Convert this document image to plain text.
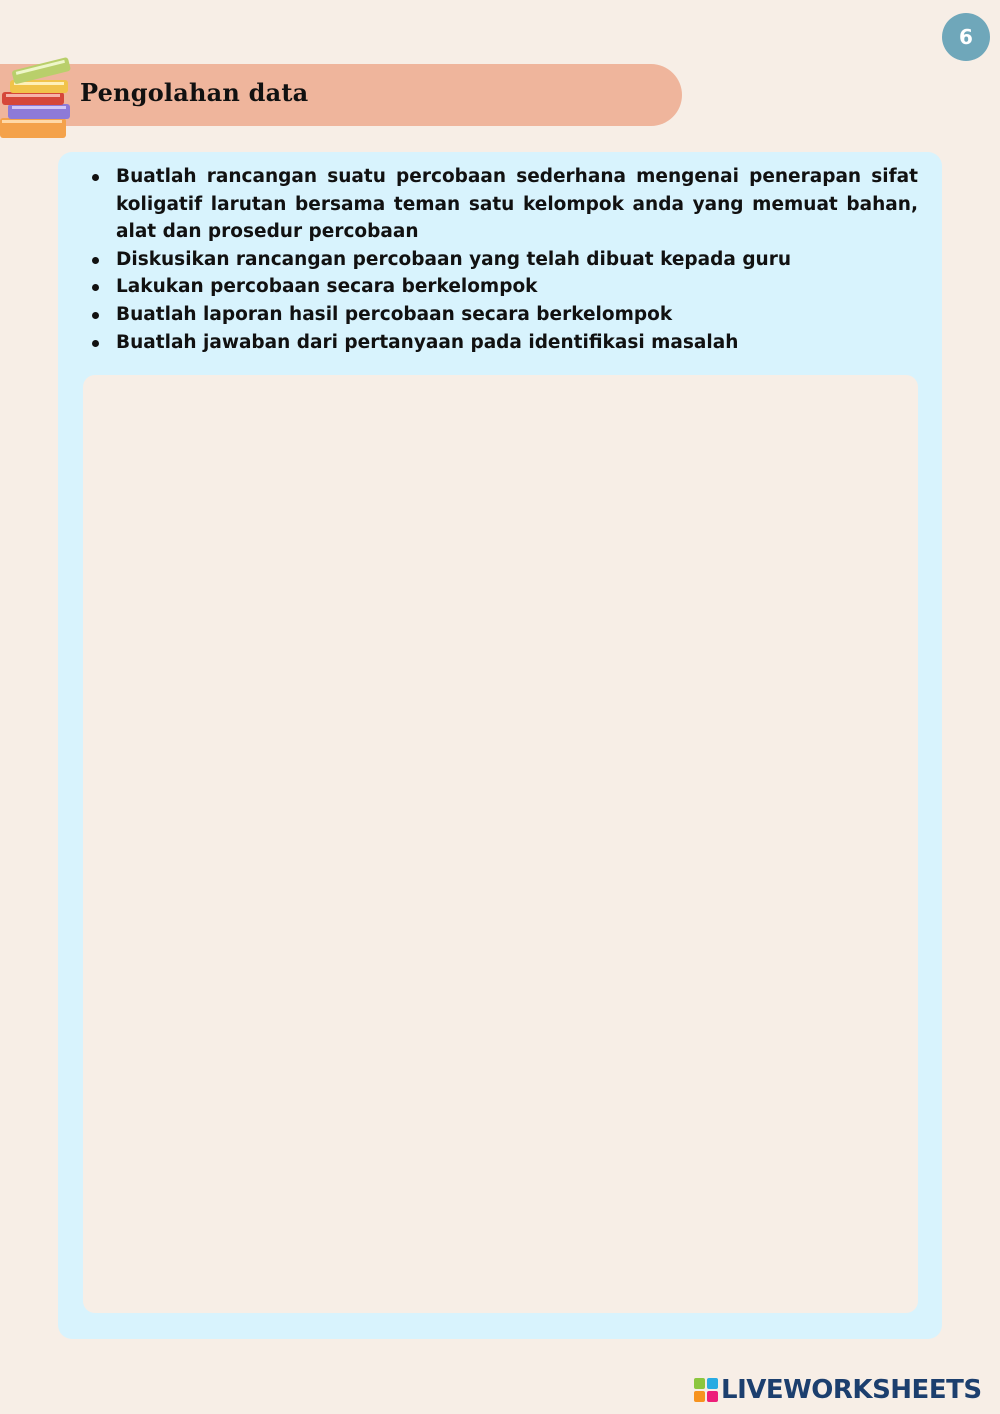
6
Pengolahan data
Buatlah rancangan suatu percobaan sederhana mengenai penerapan sifat koligatif larutan bersama teman satu kelompok anda yang memuat bahan, alat dan prosedur percobaan
Diskusikan rancangan percobaan yang telah dibuat kepada guru
Lakukan percobaan secara berkelompok
Buatlah laporan hasil percobaan secara berkelompok
Buatlah jawaban dari pertanyaan pada identifikasi masalah
LIVEWORKSHEETS
